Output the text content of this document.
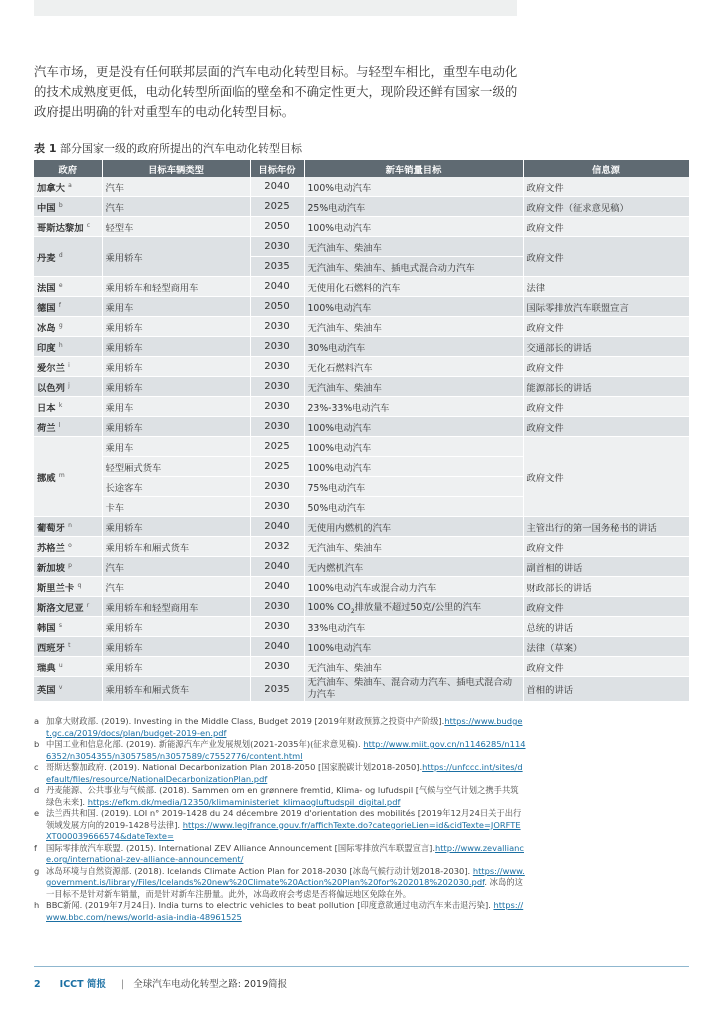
汽车市场，更是没有任何联邦层面的汽车电动化转型目标。与轻型车相比，重型车电动化的技术成熟度更低，电动化转型所面临的壁垒和不确定性更大，现阶段还鲜有国家一级的政府提出明确的针对重型车的电动化转型目标。

表 1 部分国家一级的政府所提出的汽车电动化转型目标
政府	目标车辆类型	目标年份	新车销量目标	信息源
加拿大 $^a$	汽车	2040	100%电动汽车	政府文件
中国 $^b$	汽车	2025	25%电动汽车	政府文件（征求意见稿）
哥斯达黎加 $^c$	轻型车	2050	100%电动汽车	政府文件
丹麦 $^d$	乘用轿车	2030	无汽油车、柴油车	政府文件
		2035	无汽油车、柴油车、插电式混合动力汽车	
法国 $^e$	乘用轿车和轻型商用车	2040	无使用化石燃料的汽车	法律
德国 $^f$	乘用车	2050	100%电动汽车	国际零排放汽车联盟宣言
冰岛 $^g$	乘用轿车	2030	无汽油车、柴油车	政府文件
印度 $^h$	乘用轿车	2030	30%电动汽车	交通部长的讲话
爱尔兰 $^i$	乘用轿车	2030	无化石燃料汽车	政府文件
以色列 $^j$	乘用轿车	2030	无汽油车、柴油车	能源部长的讲话
日本 $^k$	乘用车	2030	23%-33%电动汽车	政府文件
荷兰 $^l$	乘用轿车	2030	100%电动汽车	政府文件
挪威 $^m$	乘用车	2025	100%电动汽车	政府文件
	轻型厢式货车	2025	100%电动汽车	
	长途客车	2030	75%电动汽车	
	卡车	2030	50%电动汽车	
葡萄牙 $^n$	乘用轿车	2040	无使用内燃机的汽车	主管出行的第一国务秘书的讲话
苏格兰 $^o$	乘用轿车和厢式货车	2032	无汽油车、柴油车	政府文件
新加坡 $^p$	汽车	2040	无内燃机汽车	副首相的讲话
斯里兰卡 $^q$	汽车	2040	100%电动汽车或混合动力汽车	财政部长的讲话
斯洛文尼亚 $^r$	乘用轿车和轻型商用车	2030	100% $CO_2$排放量不超过50克/公里的汽车	政府文件
韩国 $^s$	乘用轿车	2030	33%电动汽车	总统的讲话
西班牙 $^t$	乘用轿车	2040	100%电动汽车	法律（草案）
瑞典 $^u$	乘用轿车	2030	无汽油车、柴油车	政府文件
英国 $^v$	乘用轿车和厢式货车	2035	无汽油车、柴油车、混合动力汽车、插电式混合动力汽车	首相的讲话
a 加拿大财政部. (2019). Investing in the Middle Class, Budget 2019 [2019年财政预算之投资中产阶级].https://www.budget.gc.ca/2019/docs/plan/budget-2019-en.pdf
b 中国工业和信息化部. (2019). 新能源汽车产业发展规划(2021-2035年)(征求意见稿). http://www.miit.gov.cn/n1146285/n1146352/n3054355/n3057585/n3057589/c7552776/content.html
c 哥斯达黎加政府. (2019). National Decarbonization Plan 2018-2050 [国家脱碳计划2018-2050].https://unfccc.int/sites/default/files/resource/NationalDecarbonizationPlan.pdf
d 丹麦能源、公共事业与气候部. (2018). Sammen om en grønnere fremtid, Klima- og lufudspil [气候与空气计划之携手共筑绿色未来]. https://efkm.dk/media/12350/klimaministeriet_klimaogluftudspil_digital.pdf
e 法兰西共和国. (2019). LOI n° 2019-1428 du 24 décembre 2019 d'orientation des mobilités [2019年12月24日关于出行领域发展方向的2019-1428号法律]. https://www.legifrance.gouv.fr/affichTexte.do?categorieLien=id&cidTexte=JORFTEXT000039666574&dateTexte=
f	国际零排放汽车联盟. (2015). International ZEV Alliance Announcement [国际零排放汽车联盟宣言].http://www.zevalliance.org/international-zev-alliance-announcement/
g 冰岛环境与自然资源部. (2018). Icelands Climate Action Plan for 2018-2030 [冰岛气候行动计划2018-2030]. https://www.government.is/library/Files/Icelands%20new%20Climate%20Action%20Plan%20for%202018%202030.pdf. 冰岛的这一目标不是针对新车销量，而是针对新车注册量。此外，冰岛政府会考虑是否将偏远地区免除在外。
h BBC新闻. (2019年7月24日). India turns to electric vehicles to beat pollution [印度意欲通过电动汽车来击退污染]. https://www.bbc.com/news/world-asia-india-48961525
2 ICCT 简报 | 全球汽车电动化转型之路: 2019简报
